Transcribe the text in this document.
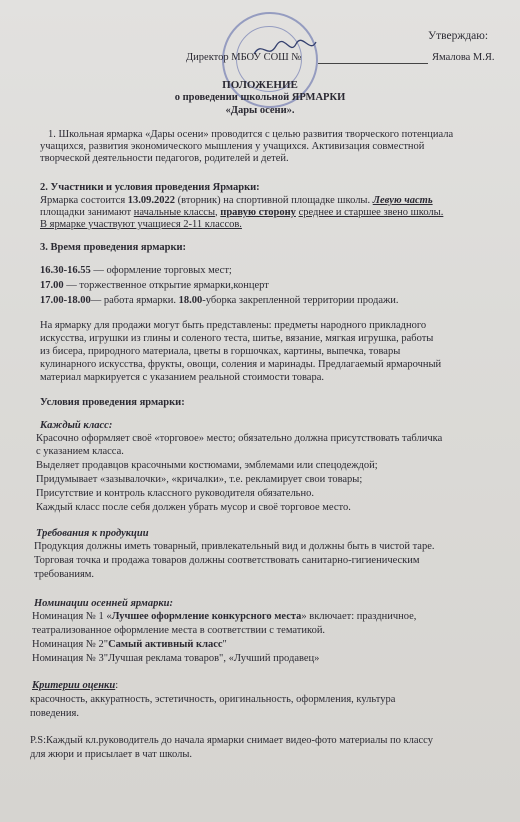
Утверждаю:
Директор МБОУ СОШ №	Ямалова М.Я.
ПОЛОЖЕНИЕ
о проведении школьной ЯРМАРКИ
«Дары осени».
1. Школьная ярмарка «Дары осени» проводится с целью развития творческого потенциала
учащихся, развития экономического мышления у учащихся. Активизация совместной
творческой деятельности педагогов, родителей и детей.
2. Участники и условия проведения Ярмарки:
Ярмарка состоится 13.09.2022 (вторник) на спортивной площадке школы. Левую часть
площадки занимают начальные классы, правую сторону среднее и старшее звено школы.
В ярмарке участвуют учащиеся 2-11 классов.
3. Время проведения ярмарки:
16.30-16.55 — оформление торговых мест;
17.00 — торжественное открытие ярмарки,концерт
17.00-18.00— работа ярмарки. 18.00-уборка закрепленной территории продажи.
На ярмарку для продажи могут быть представлены: предметы народного прикладного
искусства, игрушки из глины и соленого теста, шитье, вязание, мягкая игрушка, работы
из бисера, природного материала, цветы в горшочках, картины, выпечка, товары
кулинарного искусства, фрукты, овощи, соления и маринады. Предлагаемый ярмарочный
материал маркируется с указанием реальной стоимости товара.
Условия проведения ярмарки:
Каждый класс:
Красочно оформляет своё «торговое» место; обязательно должна присутствовать табличка
с указанием класса.
Выделяет продавцов красочными костюмами, эмблемами или спецодеждой;
Придумывает «зазывалочки», «кричалки», т.е. рекламирует свои товары;
Присутствие и контроль классного руководителя обязательно.
Каждый класс после себя должен убрать мусор и своё торговое место.
Требования к продукции
Продукция должны иметь товарный, привлекательный вид и должны быть в чистой таре.
Торговая точка и продажа товаров должны соответствовать санитарно-гигиеническим
требованиям.
Номинации осенней ярмарки:
Номинация № 1 «Лучшее оформление конкурсного места» включает: праздничное,
театрализованное оформление места в соответствии с тематикой.
Номинация № 2"Самый активный класс"
Номинация № 3"Лучшая реклама товаров", «Лучший продавец»
Критерии оценки:
красочность, аккуратность, эстетичность, оригинальность, оформления, культура
поведения.
P.S:Каждый кл.руководитель до начала ярмарки снимает видео-фото материалы по классу
для жюри и присылает в чат школы.
